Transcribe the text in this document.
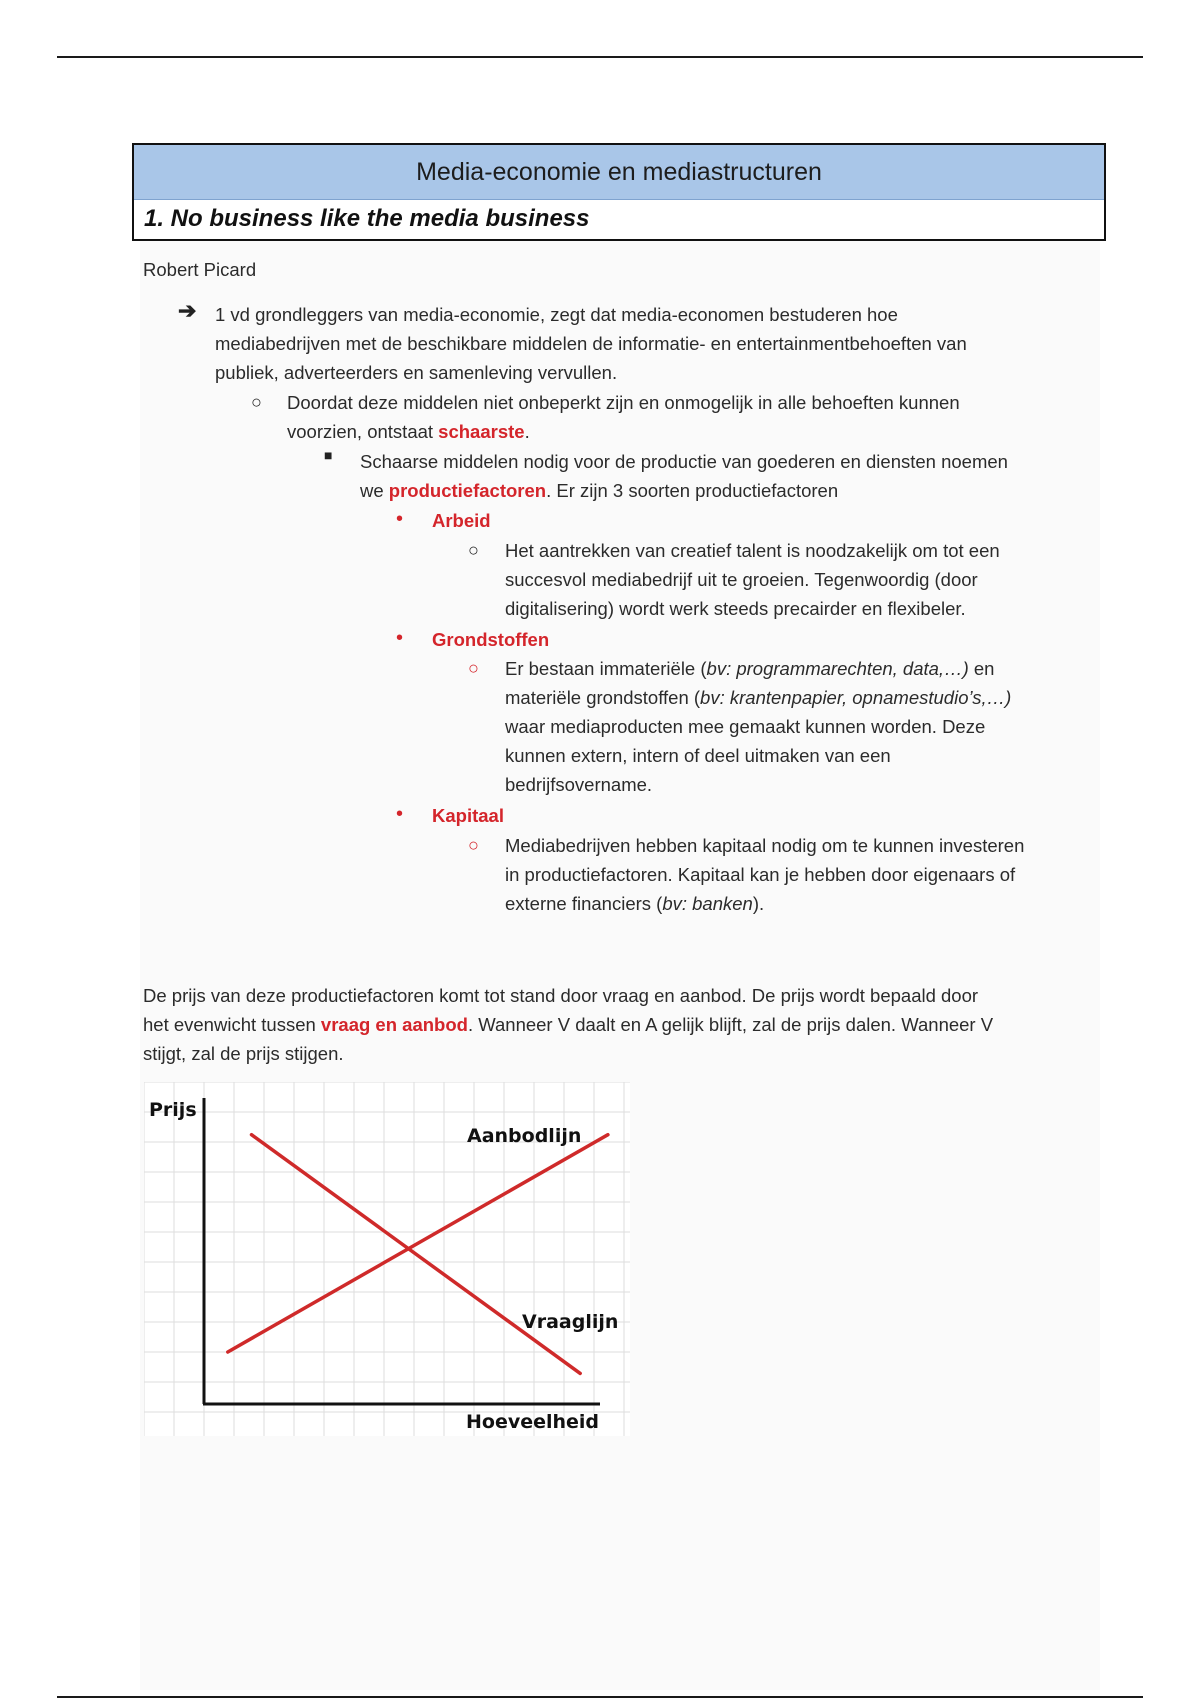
Media-economie en mediastructuren
1. No business like the media business
Robert Picard
➔ 1 vd grondleggers van media-economie, zegt dat media-economen bestuderen hoe
mediabedrijven met de beschikbare middelen de informatie- en entertainmentbehoeften van
publiek, adverteerders en samenleving vervullen.
○ Doordat deze middelen niet onbeperkt zijn en onmogelijk in alle behoeften kunnen
voorzien, ontstaat schaarste.
■ Schaarse middelen nodig voor de productie van goederen en diensten noemen
we productiefactoren. Er zijn 3 soorten productiefactoren
• Arbeid
○ Het aantrekken van creatief talent is noodzakelijk om tot een
succesvol mediabedrijf uit te groeien. Tegenwoordig (door
digitalisering) wordt werk steeds precairder en flexibeler.
• Grondstoffen
○ Er bestaan immateriële (bv: programmarechten, data,…) en
materiële grondstoffen (bv: krantenpapier, opnamestudio’s,…)
waar mediaproducten mee gemaakt kunnen worden. Deze
kunnen extern, intern of deel uitmaken van een
bedrijfsovername.
• Kapitaal
○ Mediabedrijven hebben kapitaal nodig om te kunnen investeren
in productiefactoren. Kapitaal kan je hebben door eigenaars of
externe financiers (bv: banken).
De prijs van deze productiefactoren komt tot stand door vraag en aanbod. De prijs wordt bepaald door
het evenwicht tussen vraag en aanbod. Wanneer V daalt en A gelijk blijft, zal de prijs dalen. Wanneer V
stijgt, zal de prijs stijgen.
Prijs
Hoeveelheid
Aanbodlijn
Vraaglijn
